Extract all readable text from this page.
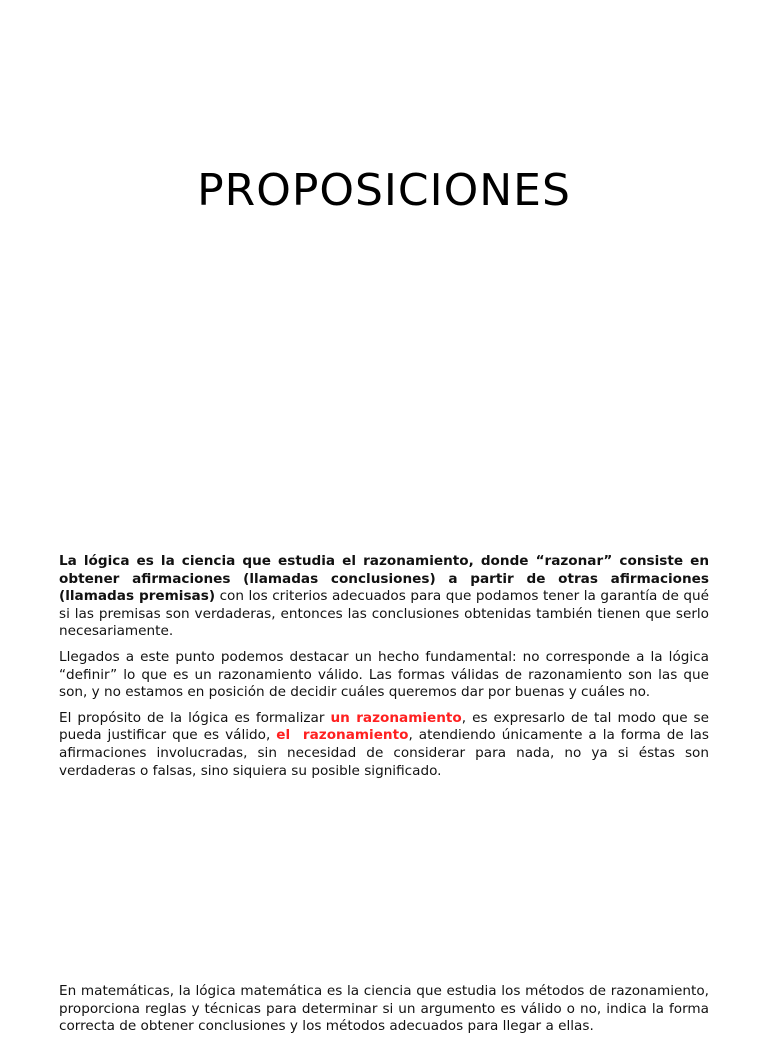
PROPOSICIONES

La lógica es la ciencia que estudia el razonamiento, donde “razonar” consiste en obtener afirmaciones (llamadas conclusiones) a partir de otras afirmaciones (llamadas premisas) con los criterios adecuados para que podamos tener la garantía de qué si las premisas son verdaderas, entonces las conclusiones obtenidas también tienen que serlo necesariamente.

Llegados a este punto podemos destacar un hecho fundamental: no corresponde a la lógica “definir” lo que es un razonamiento válido. Las formas válidas de razonamiento son las que son, y no estamos en posición de decidir cuáles queremos dar por buenas y cuáles no.

El propósito de la lógica es formalizar un razonamiento, es expresarlo de tal modo que se pueda justificar que es válido, el  razonamiento, atendiendo únicamente a la forma de las afirmaciones involucradas, sin necesidad de considerar para nada, no ya si éstas son verdaderas o falsas, sino siquiera su posible significado.

En matemáticas, la lógica matemática es la ciencia que estudia los métodos de razonamiento, proporciona reglas y técnicas para determinar si un argumento es válido o no, indica la forma correcta de obtener conclusiones y los métodos adecuados para llegar a ellas.
